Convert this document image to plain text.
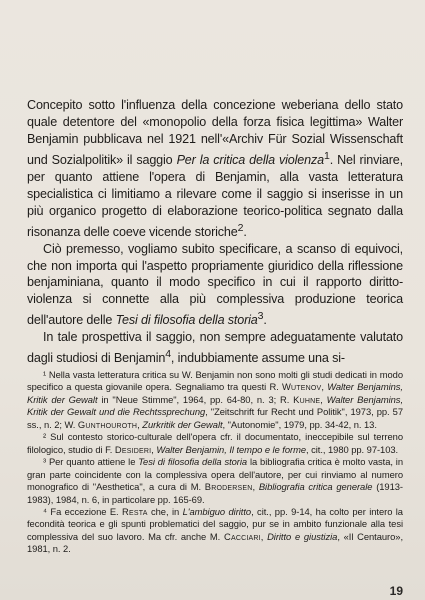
Concepito sotto l'influenza della concezione weberiana dello stato quale detentore del «monopolio della forza fisica legittima» Walter Benjamin pubblicava nel 1921 nell'«Archiv Für Sozial Wissenschaft und Sozialpolitik» il saggio Per la critica della violenza$^1$. Nel rinviare, per quanto attiene l'opera di Benjamin, alla vasta letteratura specialistica ci limitiamo a rilevare come il saggio si inserisse in un più organico progetto di elaborazione teorico-politica segnato dalla risonanza delle coeve vicende storiche$^2$.

Ciò premesso, vogliamo subito specificare, a scanso di equivoci, che non importa qui l'aspetto propriamente giuridico della riflessione benjaminiana, quanto il modo specifico in cui il rapporto diritto-violenza si connette alla più complessiva produzione teorica dell'autore delle Tesi di filosofia della storia$^3$.

In tale prospettiva il saggio, non sempre adeguatamente valutato dagli studiosi di Benjamin$^4$, indubbiamente assume una si-

¹ Nella vasta letteratura critica su W. Benjamin non sono molti gli studi dedicati in modo specifico a questa giovanile opera. Segnaliamo tra questi R. Wutenov, Walter Benjamins, Kritik der Gewalt in "Neue Stimme", 1964, pp. 64-80, n. 3; R. Kuhne, Walter Benjamins, Kritik der Gewalt und die Rechtssprechung, "Zeitschrift fur Recht und Politik", 1973, pp. 57 ss., n. 2; W. Gunthouroth, Zurkritik der Gewalt, "Autonomie", 1979, pp. 34-42, n. 13.

² Sul contesto storico-culturale dell'opera cfr. il documentato, ineccepibile sul terreno filologico, studio di F. Desideri, Walter Benjamin, Il tempo e le forme, cit., 1980 pp. 97-103.

³ Per quanto attiene le Tesi di filosofia della storia la bibliografia critica è molto vasta, in gran parte coincidente con la complessiva opera dell'autore, per cui rinviamo al numero monografico di "Aesthetica", a cura di M. Brodersen, Bibliografia critica generale (1913-1983), 1984, n. 6, in particolare pp. 165-69.

⁴ Fa eccezione E. Resta che, in L'ambiguo diritto, cit., pp. 9-14, ha colto per intero la fecondità teorica e gli spunti problematici del saggio, pur se in ambito funzionale alla tesi complessiva del suo lavoro. Ma cfr. anche M. Cacciari, Diritto e giustizia, «Il Centauro», 1981, n. 2.

19
